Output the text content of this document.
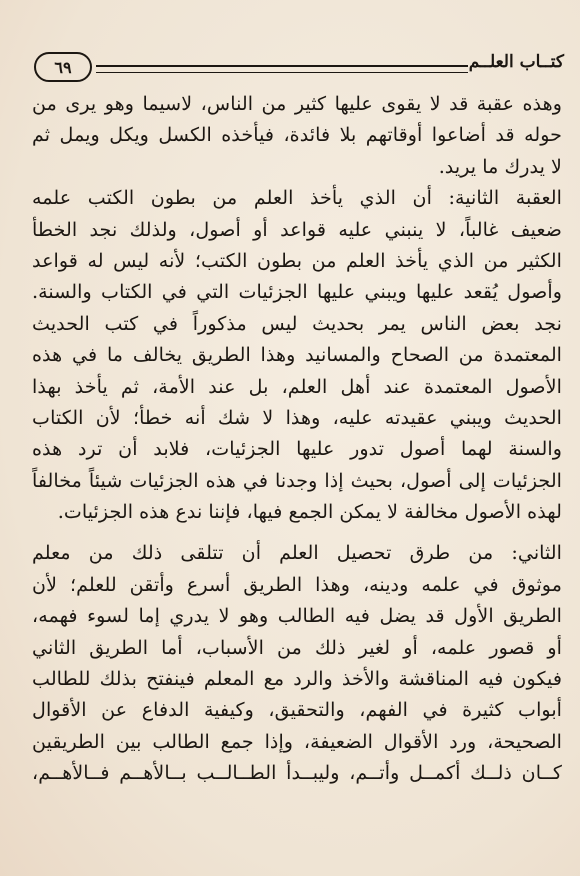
كتــاب العلــم
٦٩
وهذه عقبة قد لا يقوى عليها كثير من الناس، لاسيما وهو يرى من
حوله قد أضاعوا أوقاتهم بلا فائدة، فيأخذه الكسل ويكل ويمل ثم
لا يدرك ما يريد.
العقبة الثانية: أن الذي يأخذ العلم من بطون الكتب علمه
ضعيف غالباً، لا ينبني عليه قواعد أو أصول، ولذلك نجد الخطأ
الكثير من الذي يأخذ العلم من بطون الكتب؛ لأنه ليس له قواعد
وأصول يُقعد عليها ويبني عليها الجزئيات التي في الكتاب والسنة.
نجد بعض الناس يمر بحديث ليس مذكوراً في كتب الحديث
المعتمدة من الصحاح والمسانيد وهذا الطريق يخالف ما في هذه
الأصول المعتمدة عند أهل العلم، بل عند الأمة، ثم يأخذ بهذا
الحديث ويبني عقيدته عليه، وهذا لا شك أنه خطأ؛ لأن الكتاب
والسنة لهما أصول تدور عليها الجزئيات، فلابد أن ترد هذه
الجزئيات إلى أصول، بحيث إذا وجدنا في هذه الجزئيات شيئاً مخالفاً
لهذه الأصول مخالفة لا يمكن الجمع فيها، فإننا ندع هذه الجزئيات.
الثاني: من طرق تحصيل العلم أن تتلقى ذلك من معلم
موثوق في علمه ودينه، وهذا الطريق أسرع وأتقن للعلم؛ لأن
الطريق الأول قد يضل فيه الطالب وهو لا يدري إما لسوء فهمه،
أو قصور علمه، أو لغير ذلك من الأسباب، أما الطريق الثاني
فيكون فيه المناقشة والأخذ والرد مع المعلم فينفتح بذلك للطالب
أبواب كثيرة في الفهم، والتحقيق، وكيفية الدفاع عن الأقوال
الصحيحة، ورد الأقوال الضعيفة، وإذا جمع الطالب بين الطريقين
كــان ذلــك أكمــل وأتــم، وليبــدأ الطــالــب بــالأهــم فــالأهــم،
